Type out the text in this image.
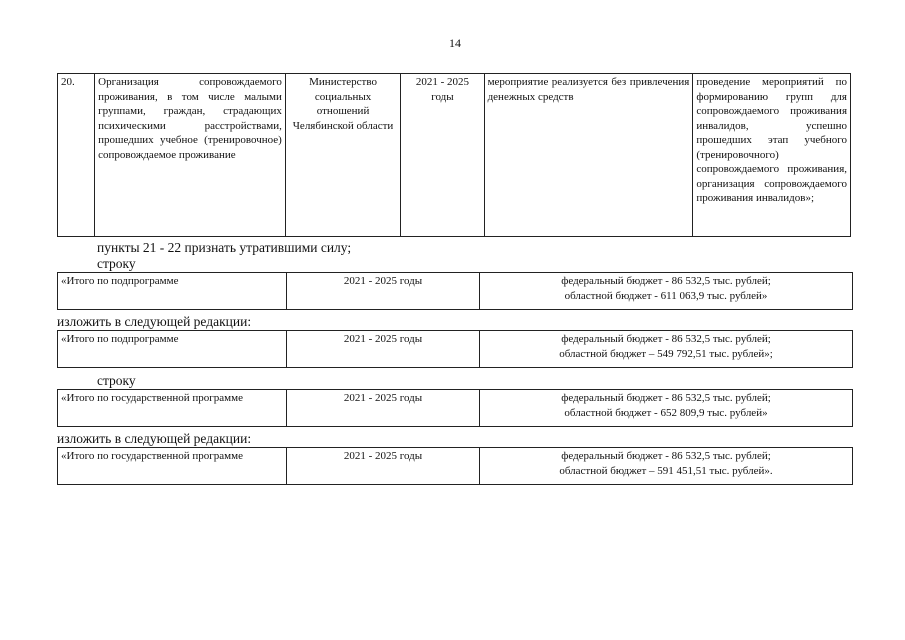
14
20.	Организация сопровождаемого проживания, в том числе малыми группами, граждан, страдающих психическими расстройствами, прошедших учебное (тренировочное) сопровождаемое проживание	Министерство социальных отношений Челябинской области	2021 - 2025 годы	мероприятие реализуется без привлечения денежных средств	проведение мероприятий по формированию групп для сопровождаемого проживания инвалидов, успешно прошедших этап учебного (тренировочного) сопровождаемого проживания, организация сопровождаемого проживания инвалидов»;
пункты 21 - 22 признать утратившими силу;
строку
«Итого по подпрограмме	2021 - 2025 годы	федеральный бюджет - 86 532,5 тыс. рублей;
областной бюджет - 611 063,9 тыс. рублей»
изложить в следующей редакции:
«Итого по подпрограмме	2021 - 2025 годы	федеральный бюджет - 86 532,5 тыс. рублей;
областной бюджет – 549 792,51 тыс. рублей»;
строку
«Итого по государственной программе	2021 - 2025 годы	федеральный бюджет - 86 532,5 тыс. рублей;
областной бюджет - 652 809,9 тыс. рублей»
изложить в следующей редакции:
«Итого по государственной программе	2021 - 2025 годы	федеральный бюджет - 86 532,5 тыс. рублей;
областной бюджет – 591 451,51 тыс. рублей».
